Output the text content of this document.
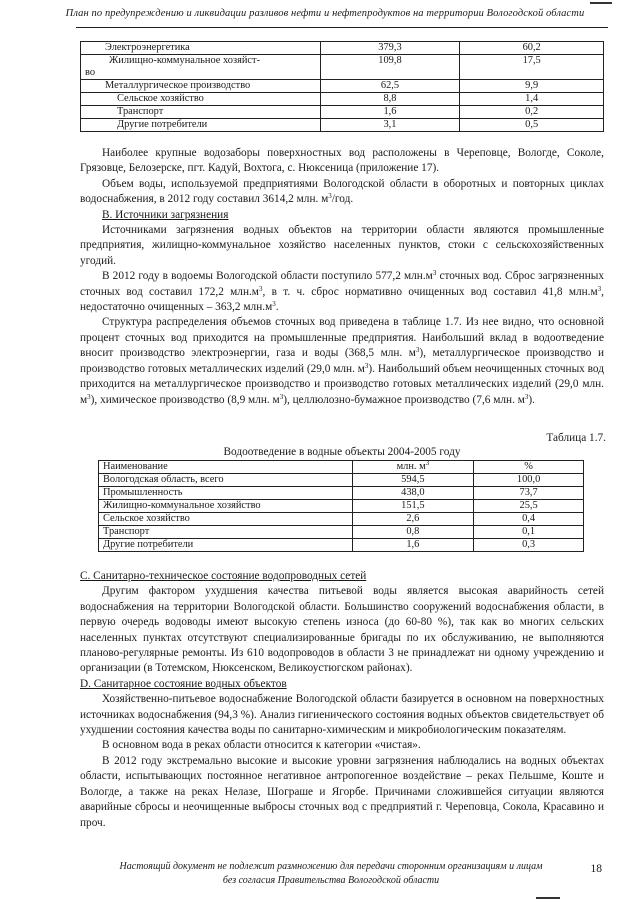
План по предупреждению и ликвидации разливов нефти и нефтепродуктов на территории Вологодской области
Электроэнергетика	379,3	60,2

Жилищно-коммунальное хозяйст-
во	109,8	17,5
Металлургическое производство	62,5	9,9
Сельское хозяйство	8,8	1,4
Транспорт	1,6	0,2
Другие потребители	3,1	0,5

Наиболее крупные водозаборы поверхностных вод расположены в Череповце, Вологде, Соколе, Грязовце, Белозерске, пгт. Кадуй, Вохтога, с. Нюксеница (приложение 17).

Объем воды, используемой предприятиями Вологодской области в оборотных и повторных циклах водоснабжения, в 2012 году составил 3614,2 млн. $м^3$/год.

В. Источники загрязнения

Источниками загрязнения водных объектов на территории области являются промышленные предприятия, жилищно-коммунальное хозяйство населенных пунктов, стоки с сельскохозяйственных угодий.

В 2012 году в водоемы Вологодской области поступило 577,2 $млн.м^3$ сточных вод. Сброс загрязненных сточных вод составил 172,2 $млн.м^3$, в т. ч. сброс нормативно очищенных вод составил 41,8 $млн.м^3$, недостаточно очищенных – 363,2 $млн.м^3$.

Структура распределения объемов сточных вод приведена в таблице 1.7. Из нее видно, что основной процент сточных вод приходится на промышленные предприятия. Наибольший вклад в водоотведение вносит производство электроэнергии, газа и воды (368,5 млн. $м^3$), металлургическое производство и производство готовых металлических изделий (29,0 млн. $м^3$). Наибольший объем неочищенных сточных вод приходится на металлургическое производство и производство готовых металлических изделий (29,0 млн. $м^3$), химическое производство (8,9 млн. $м^3$), целлюлозно-бумажное производство (7,6 млн. $м^3$).

Таблица 1.7.
Водоотведение в водные объекты 2004-2005 году
Наименование	млн. $м^3$	%
Вологодская область, всего	594,5	100,0
Промышленность	438,0	73,7
Жилищно-коммунальное хозяйство	151,5	25,5
Сельское хозяйство	2,6	0,4
Транспорт	0,8	0,1
Другие потребители	1,6	0,3

С. Санитарно-техническое состояние водопроводных сетей

Другим фактором ухудшения качества питьевой воды является высокая аварийность сетей водоснабжения на территории Вологодской области. Большинство сооружений водоснабжения области, в первую очередь водоводы имеют высокую степень износа (до 60-80 %), так как во многих сельских населенных пунктах отсутствуют специализированные бригады по их обслуживанию, не выполняются планово-регулярные ремонты. Из 610 водопроводов в области 3 не принадлежат ни одному учреждению и организации (в Тотемском, Нюксенском, Великоустюгском районах).

D. Санитарное состояние водных объектов

Хозяйственно-питьевое водоснабжение Вологодской области базируется в основном на поверхностных источниках водоснабжения (94,3 %). Анализ гигиенического состояния водных объектов свидетельствует об ухудшении состояния качества воды по санитарно-химическим и микробиологическим показателям.

В основном вода в реках области относится к категории «чистая».

В 2012 году экстремально высокие и высокие уровни загрязнения наблюдались на водных объектах области, испытывающих постоянное негативное антропогенное воздействие – реках Пельшме, Коште и Вологде, а также на реках Нелазе, Шограше и Ягорбе. Причинами сложившейся ситуации являются аварийные сбросы и неочищенные выбросы сточных вод с предприятий г. Череповца, Сокола, Красавино и проч.

Настоящий документ не подлежит размножению для передачи сторонним организациям и лицам
без согласия Правительства Вологодской области
18
